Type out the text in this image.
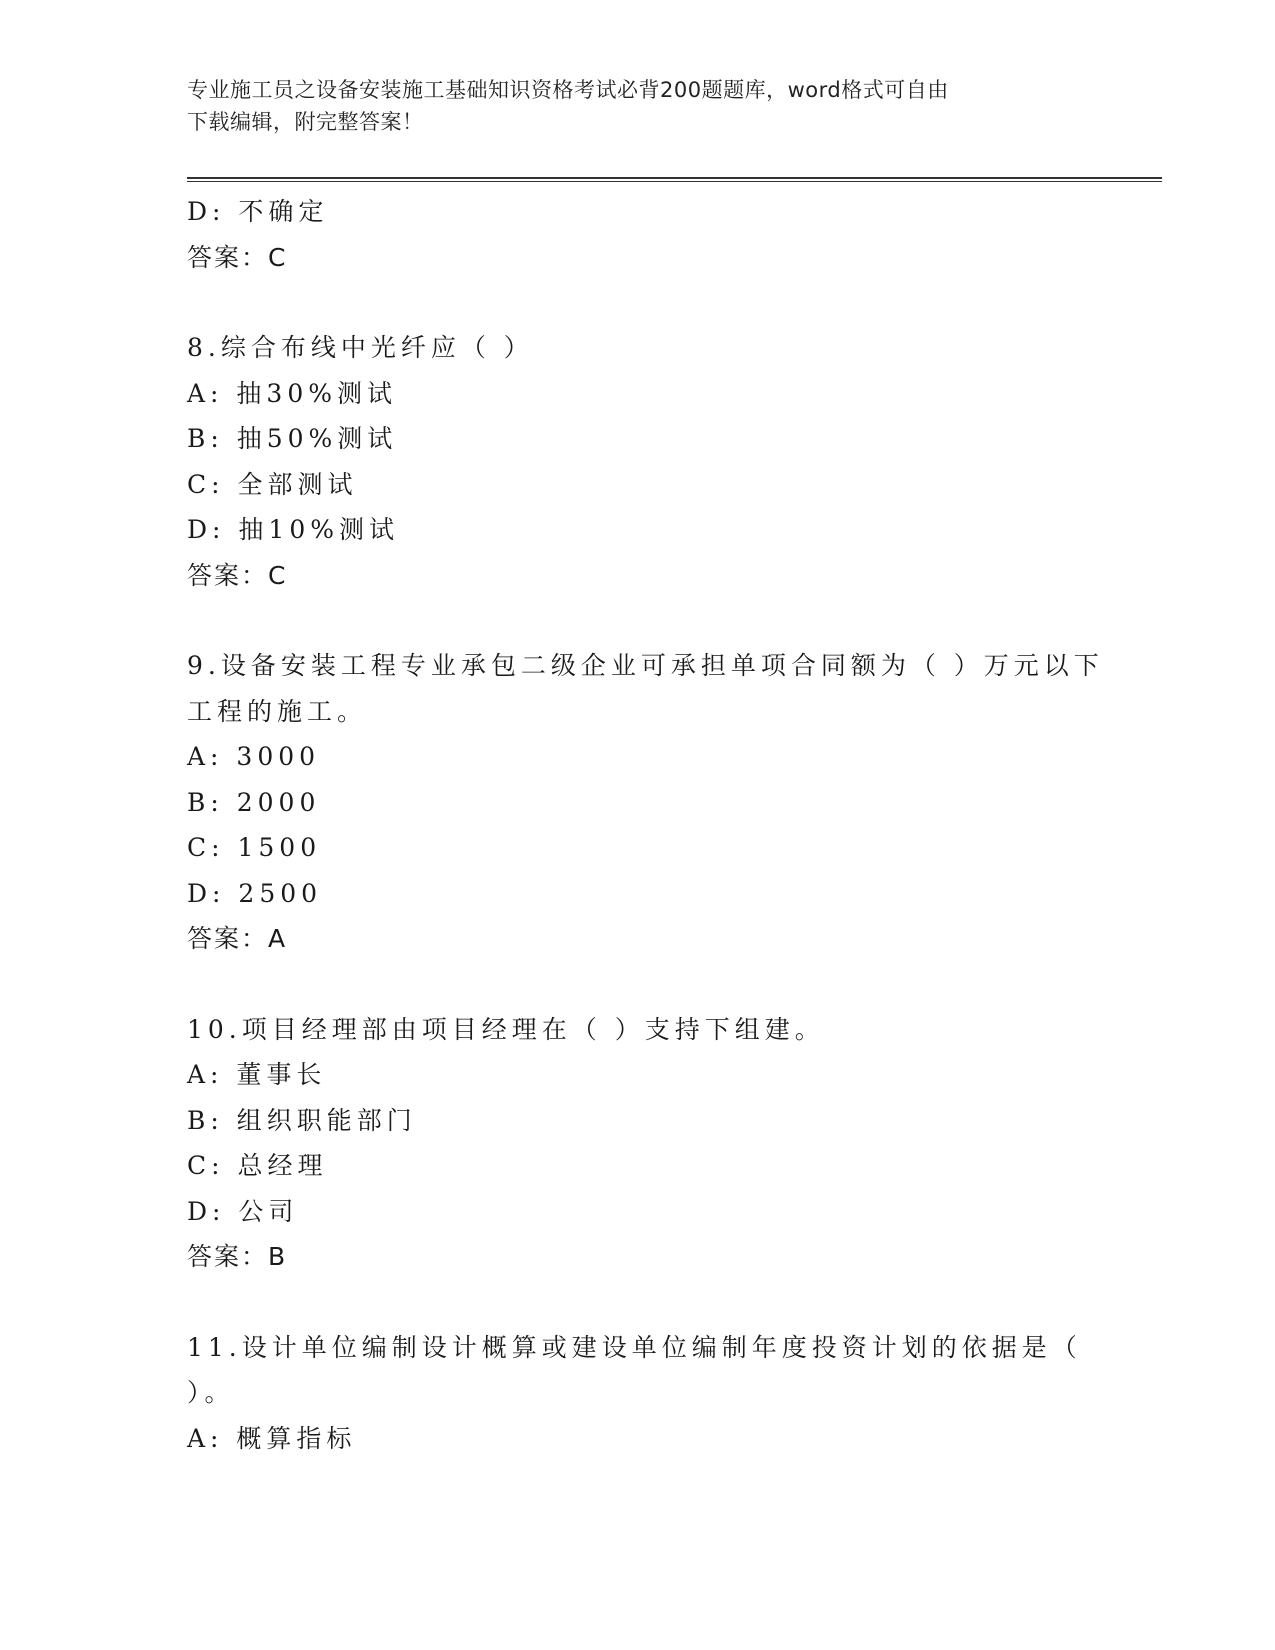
专业施工员之设备安装施工基础知识资格考试必背200题题库，word格式可自由
下载编辑，附完整答案！
D: 不确定
答案：C
8.综合布线中光纤应（ ）
A: 抽30%测试
B: 抽50%测试
C: 全部测试
D: 抽10%测试
答案：C
9.设备安装工程专业承包二级企业可承担单项合同额为（ ）万元以下
工程的施工。
A: 3000
B: 2000
C: 1500
D: 2500
答案：A
10.项目经理部由项目经理在（ ）支持下组建。
A: 董事长
B: 组织职能部门
C: 总经理
D: 公司
答案：B
11.设计单位编制设计概算或建设单位编制年度投资计划的依据是（
）。
A: 概算指标
